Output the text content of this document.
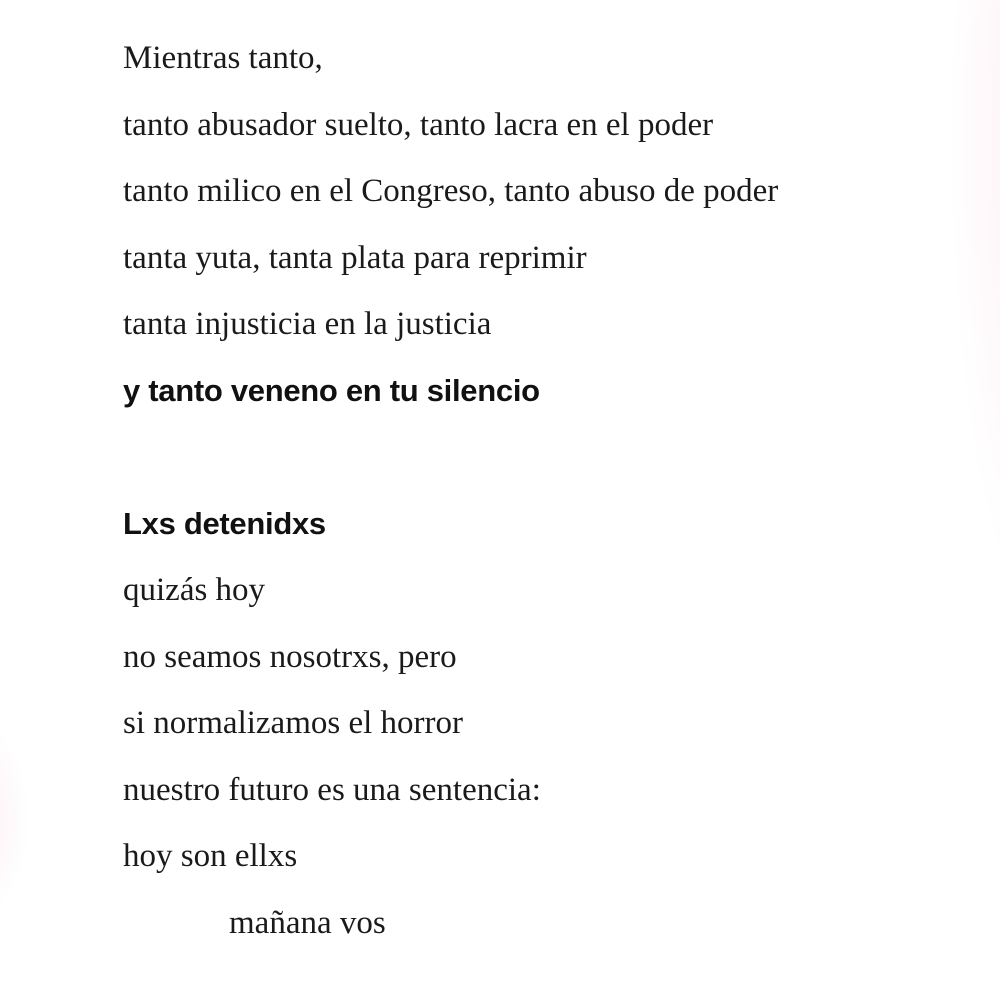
Mientras tanto,
tanto abusador suelto, tanto lacra en el poder
tanto milico en el Congreso, tanto abuso de poder
tanta yuta, tanta plata para reprimir
tanta injusticia en la justicia
y tanto veneno en tu silencio
Lxs detenidxs
quizás hoy
no seamos nosotrxs, pero
si normalizamos el horror
nuestro futuro es una sentencia:
hoy son ellxs
mañana vos
